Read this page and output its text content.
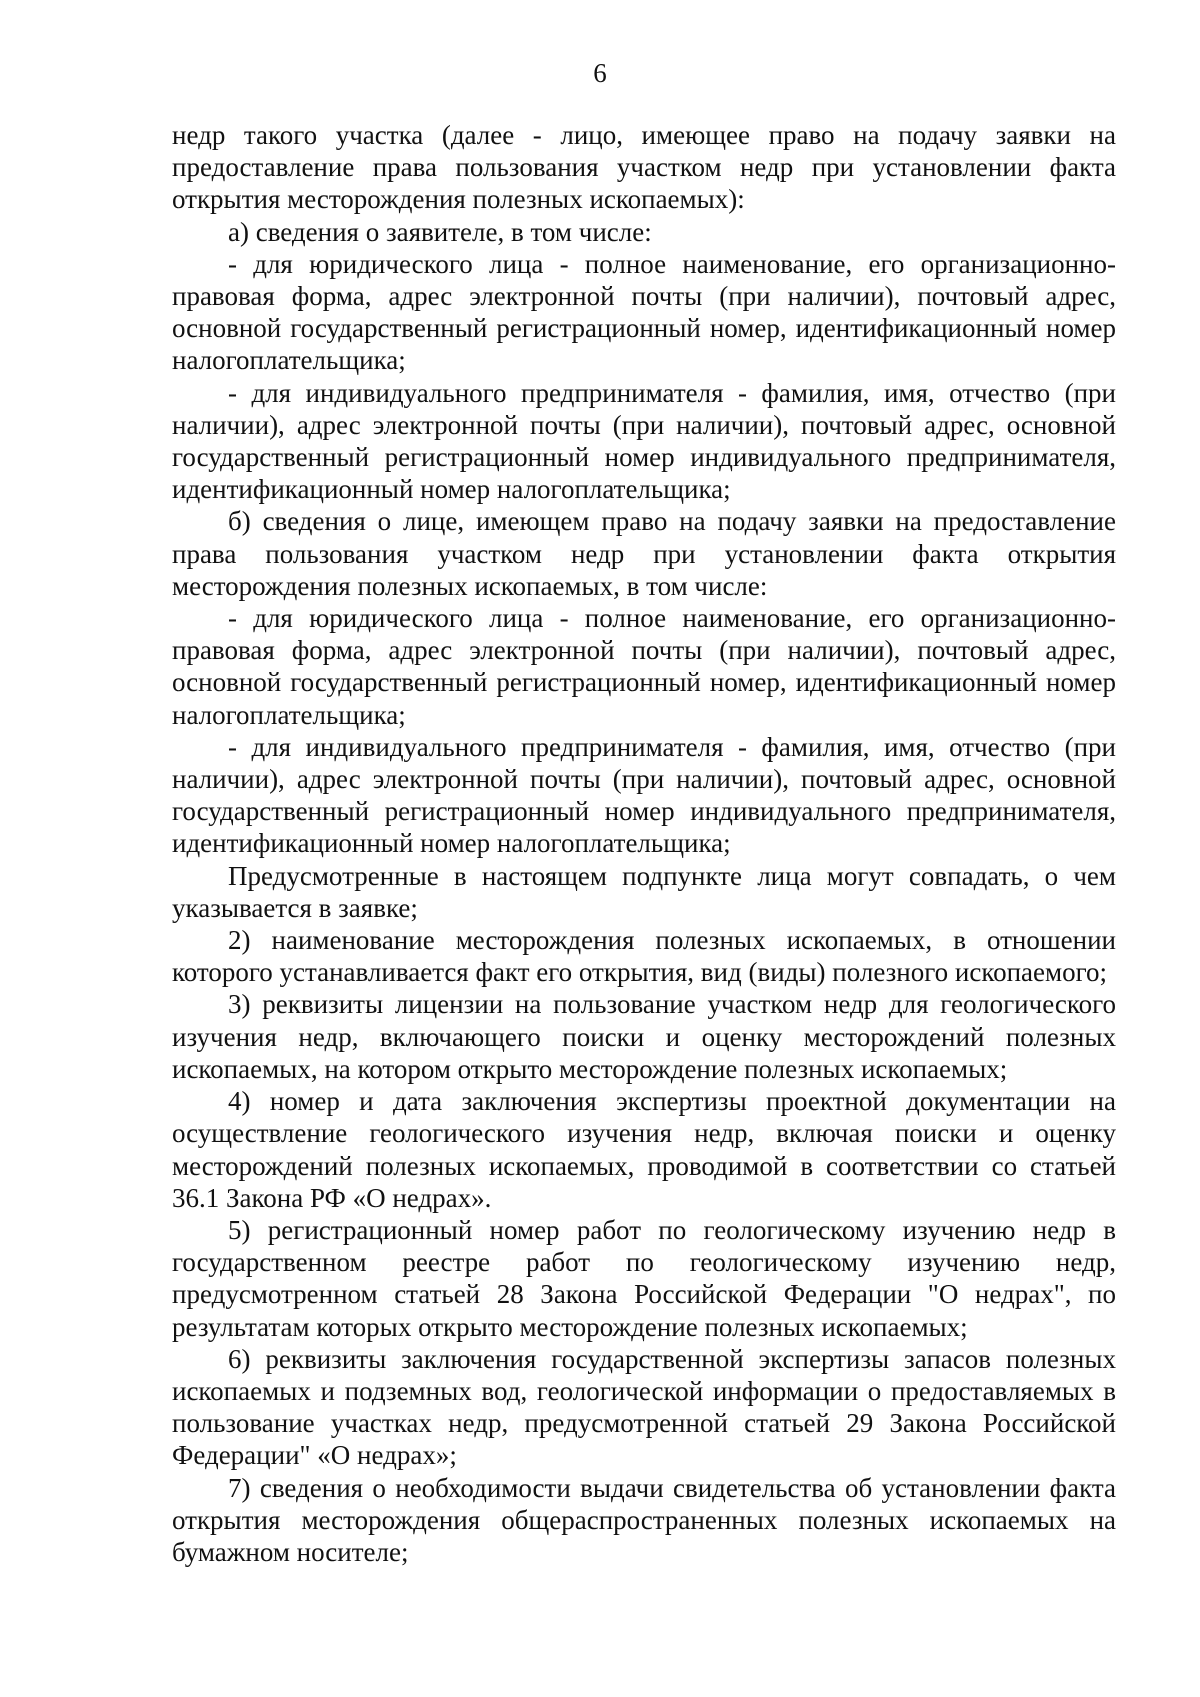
6

недр такого участка (далее - лицо, имеющее право на подачу заявки на предоставление права пользования участком недр при установлении факта открытия месторождения полезных ископаемых):

а) сведения о заявителе, в том числе:

- для юридического лица - полное наименование, его организационно-правовая форма, адрес электронной почты (при наличии), почтовый адрес, основной государственный регистрационный номер, идентификационный номер налогоплательщика;

- для индивидуального предпринимателя - фамилия, имя, отчество (при наличии), адрес электронной почты (при наличии), почтовый адрес, основной государственный регистрационный номер индивидуального предпринимателя, идентификационный номер налогоплательщика;

б) сведения о лице, имеющем право на подачу заявки на предоставление права пользования участком недр при установлении факта открытия месторождения полезных ископаемых, в том числе:

- для юридического лица - полное наименование, его организационно-правовая форма, адрес электронной почты (при наличии), почтовый адрес, основной государственный регистрационный номер, идентификационный номер налогоплательщика;

- для индивидуального предпринимателя - фамилия, имя, отчество (при наличии), адрес электронной почты (при наличии), почтовый адрес, основной государственный регистрационный номер индивидуального предпринимателя, идентификационный номер налогоплательщика;

Предусмотренные в настоящем подпункте лица могут совпадать, о чем указывается в заявке;

2) наименование месторождения полезных ископаемых, в отношении которого устанавливается факт его открытия, вид (виды) полезного ископаемого;

3) реквизиты лицензии на пользование участком недр для геологического изучения недр, включающего поиски и оценку месторождений полезных ископаемых, на котором открыто месторождение полезных ископаемых;

4) номер и дата заключения экспертизы проектной документации на осуществление геологического изучения недр, включая поиски и оценку месторождений полезных ископаемых, проводимой в соответствии со статьей 36.1 Закона РФ «О недрах».

5) регистрационный номер работ по геологическому изучению недр в государственном реестре работ по геологическому изучению недр, предусмотренном статьей 28 Закона Российской Федерации "О недрах", по результатам которых открыто месторождение полезных ископаемых;

6) реквизиты заключения государственной экспертизы запасов полезных ископаемых и подземных вод, геологической информации о предоставляемых в пользование участках недр, предусмотренной статьей 29 Закона Российской Федерации" «О недрах»;

7) сведения о необходимости выдачи свидетельства об установлении факта открытия месторождения общераспространенных полезных ископаемых на бумажном носителе;
